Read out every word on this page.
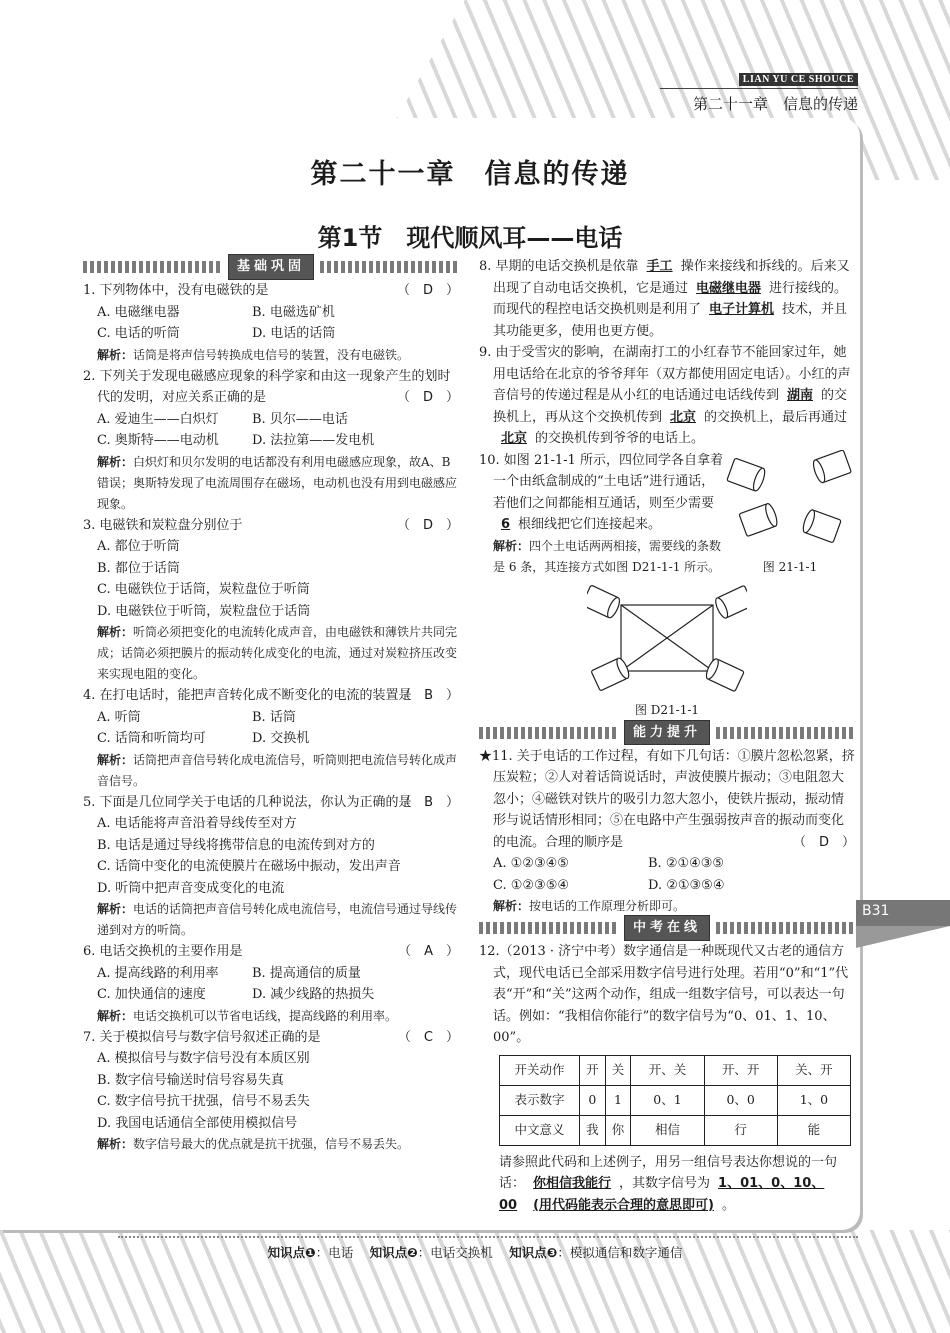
LIAN YU CE SHOUCE
第二十一章　信息的传递
第二十一章　信息的传递
第1节　现代顺风耳——电话
基础巩固
1. 下列物体中，没有电磁铁的是	（　D　）
A. 电磁继电器	B. 电磁选矿机
C. 电话的听筒	D. 电话的话筒
解析：话筒是将声信号转换成电信号的装置，没有电磁铁。
2. 下列关于发现电磁感应现象的科学家和由这一现象产生的划时代的发明，对应关系正确的是	（　D　）
A. 爱迪生——白炽灯	B. 贝尔——电话
C. 奥斯特——电动机	D. 法拉第——发电机
解析：白炽灯和贝尔发明的电话都没有利用电磁感应现象，故A、B错误；奥斯特发现了电流周围存在磁场，电动机也没有用到电磁感应现象。
3. 电磁铁和炭粒盘分别位于	（　D　）
A. 都位于听筒
B. 都位于话筒
C. 电磁铁位于话筒，炭粒盘位于听筒
D. 电磁铁位于听筒，炭粒盘位于话筒
解析：听筒必须把变化的电流转化成声音，由电磁铁和薄铁片共同完成；话筒必须把膜片的振动转化成变化的电流，通过对炭粒挤压改变来实现电阻的变化。
4. 在打电话时，能把声音转化成不断变化的电流的装置是
（　B　）
A. 听筒	B. 话筒
C. 话筒和听筒均可	D. 交换机
解析：话筒把声音信号转化成电流信号，听筒则把电流信号转化成声音信号。
5. 下面是几位同学关于电话的几种说法，你认为正确的是
（　B　）
A. 电话能将声音沿着导线传至对方
B. 电话是通过导线将携带信息的电流传到对方的
C. 话筒中变化的电流使膜片在磁场中振动，发出声音
D. 听筒中把声音变成变化的电流
解析：电话的话筒把声音信号转化成电流信号，电流信号通过导线传递到对方的听筒。
6. 电话交换机的主要作用是	（　A　）
A. 提高线路的利用率	B. 提高通信的质量
C. 加快通信的速度	D. 减少线路的热损失
解析：电话交换机可以节省电话线，提高线路的利用率。
7. 关于模拟信号与数字信号叙述正确的是	（　C　）
A. 模拟信号与数字信号没有本质区别
B. 数字信号输送时信号容易失真
C. 数字信号抗干扰强，信号不易丢失
D. 我国电话通信全部使用模拟信号
解析：数字信号最大的优点就是抗干扰强，信号不易丢失。
8. 早期的电话交换机是依靠 手工 操作来接线和拆线的。后来又出现了自动电话交换机，它是通过 电磁继电器 进行接线的。而现代的程控电话交换机则是利用了 电子计算机 技术，并且其功能更多，使用也更方便。
9. 由于受雪灾的影响，在湖南打工的小红春节不能回家过年，她用电话给在北京的爷爷拜年（双方都使用固定电话）。小红的声音信号的传递过程是从小红的电话通过电话线传到 湖南 的交换机上，再从这个交换机传到 北京 的交换机上，最后再通过北京 的交换机传到爷爷的电话上。
10. 如图 21-1-1 所示，四位同学各自拿着一个由纸盒制成的“土电话”进行通话，若他们之间都能相互通话，则至少需要6 根细线把它们连接起来。
解析：四个土电话两两相接，需要线的条数是 6 条，其连接方式如图 D21-1-1 所示。	图 21-1-1
图 D21-1-1
能力提升
★11. 关于电话的工作过程，有如下几句话：①膜片忽松忽紧，挤压炭粒；②人对着话筒说话时，声波使膜片振动；③电阻忽大忽小；④磁铁对铁片的吸引力忽大忽小，使铁片振动，振动情形与说话情形相同；⑤在电路中产生强弱按声音的振动而变化的电流。合理的顺序是	（　D　）
A. ①②③④⑤	B. ②①④③⑤
C. ①②③⑤④	D. ②①③⑤④
解析：按电话的工作原理分析即可。
中考在线
12.（2013 · 济宁中考）数字通信是一种既现代又古老的通信方式，现代电话已全部采用数字信号进行处理。若用“0”和“1”代表“开”和“关”这两个动作，组成一组数字信号，可以表达一句话。例如：“我相信你能行”的数字信号为“0、01、1、10、00”。
开关动作	开	关	开、关	开、开	关、开
表示数字	0	1	0、1	0、0	1、0
中文意义	我	你	相信	行	能
请参照此代码和上述例子，用另一组信号表达你想说的一句话： 你相信我能行 ，其数字信号为 1、01、0、10、00 (用代码能表示合理的意思即可) 。
B31
知识点❶：电话　 知识点❷：电话交换机　 知识点❸：模拟通信和数字通信
